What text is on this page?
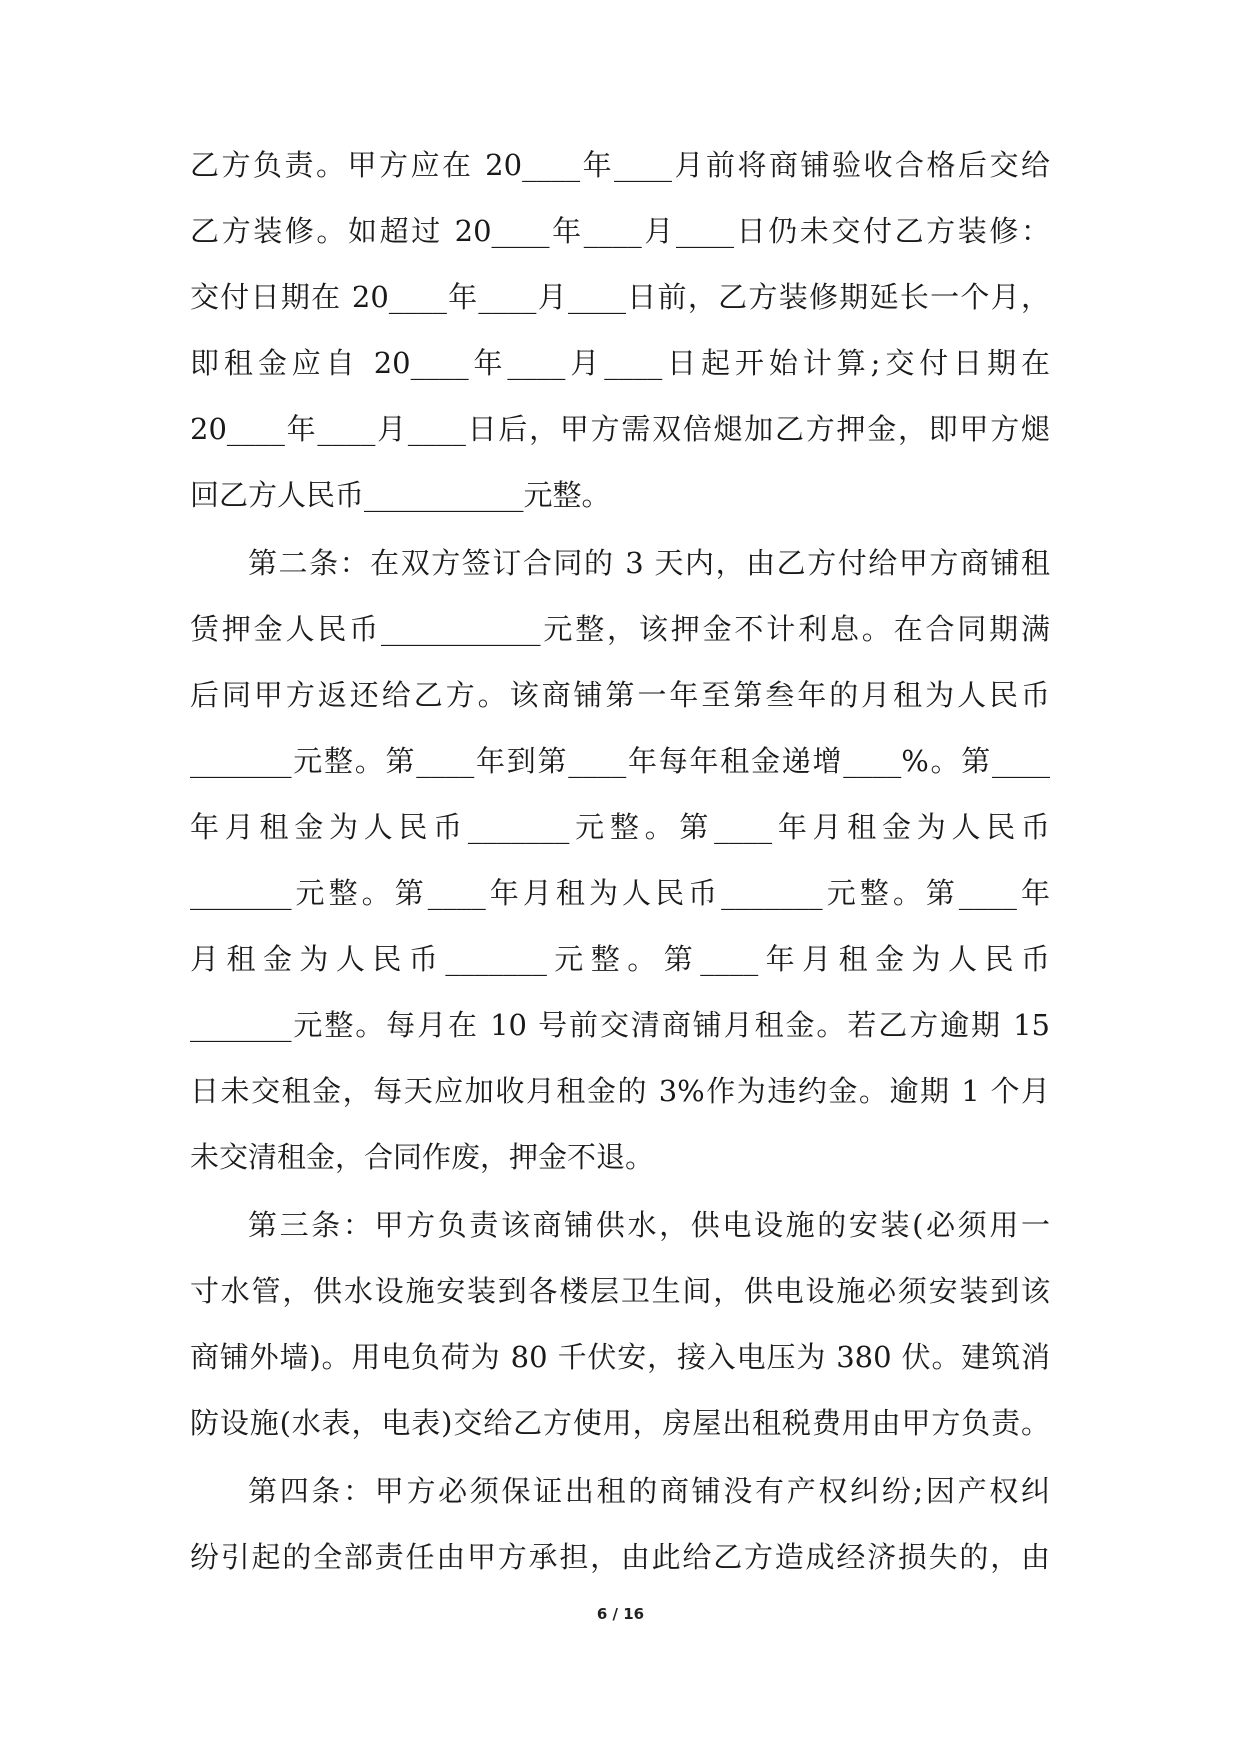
乙方负责。甲方应在 20____年____月前将商铺验收合格后交给
乙方装修。如超过 20____年____月____日仍未交付乙方装修：
交付日期在 20____年____月____日前，乙方装修期延长一个月，
即租金应自 20____年____月____日起开始计算;交付日期在
20____年____月____日后，甲方需双倍煺加乙方押金，即甲方煺
回乙方人民币___________元整。
第二条：在双方签订合同的 3 天内，由乙方付给甲方商铺租
赁押金人民币___________元整，该押金不计利息。在合同期满
后同甲方返还给乙方。该商铺第一年至第叁年的月租为人民币
_______元整。第____年到第____年每年租金递增____%。第____
年月租金为人民币_______元整。第____年月租金为人民币
_______元整。第____年月租为人民币_______元整。第____年
月租金为人民币_______元整。第____年月租金为人民币
_______元整。每月在 10 号前交清商铺月租金。若乙方逾期 15
日未交租金，每天应加收月租金的 3%作为违约金。逾期 1 个月
未交清租金，合同作废，押金不退。
第三条：甲方负责该商铺供水，供电设施的安装(必须用一
寸水管，供水设施安装到各楼层卫生间，供电设施必须安装到该
商铺外墙)。用电负荷为 80 千伏安，接入电压为 380 伏。建筑消
防设施(水表，电表)交给乙方使用，房屋出租税费用由甲方负责。
第四条：甲方必须保证出租的商铺没有产权纠纷;因产权纠
纷引起的全部责任由甲方承担，由此给乙方造成经济损失的，由
6 / 16
